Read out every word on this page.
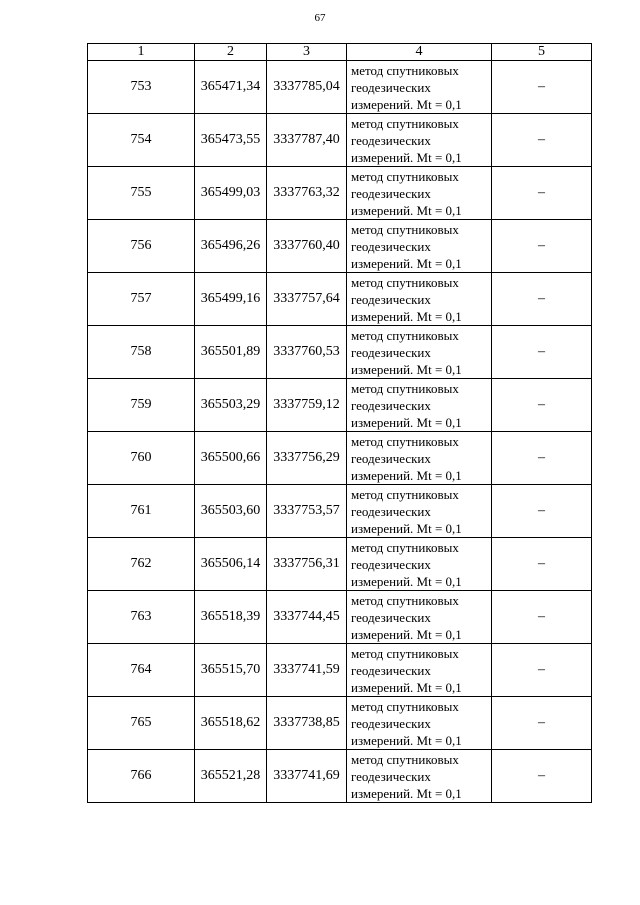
67
1	2	3	4	5
753	365471,34	3337785,04	метод спутниковых
геодезических
измерений. Mt = 0,1	–
754	365473,55	3337787,40	метод спутниковых
геодезических
измерений. Mt = 0,1	–
755	365499,03	3337763,32	метод спутниковых
геодезических
измерений. Mt = 0,1	–
756	365496,26	3337760,40	метод спутниковых
геодезических
измерений. Mt = 0,1	–
757	365499,16	3337757,64	метод спутниковых
геодезических
измерений. Mt = 0,1	–
758	365501,89	3337760,53	метод спутниковых
геодезических
измерений. Mt = 0,1	–
759	365503,29	3337759,12	метод спутниковых
геодезических
измерений. Mt = 0,1	–
760	365500,66	3337756,29	метод спутниковых
геодезических
измерений. Mt = 0,1	–
761	365503,60	3337753,57	метод спутниковых
геодезических
измерений. Mt = 0,1	–
762	365506,14	3337756,31	метод спутниковых
геодезических
измерений. Mt = 0,1	–
763	365518,39	3337744,45	метод спутниковых
геодезических
измерений. Mt = 0,1	–
764	365515,70	3337741,59	метод спутниковых
геодезических
измерений. Mt = 0,1	–
765	365518,62	3337738,85	метод спутниковых
геодезических
измерений. Mt = 0,1	–
766	365521,28	3337741,69	метод спутниковых
геодезических
измерений. Mt = 0,1	–
